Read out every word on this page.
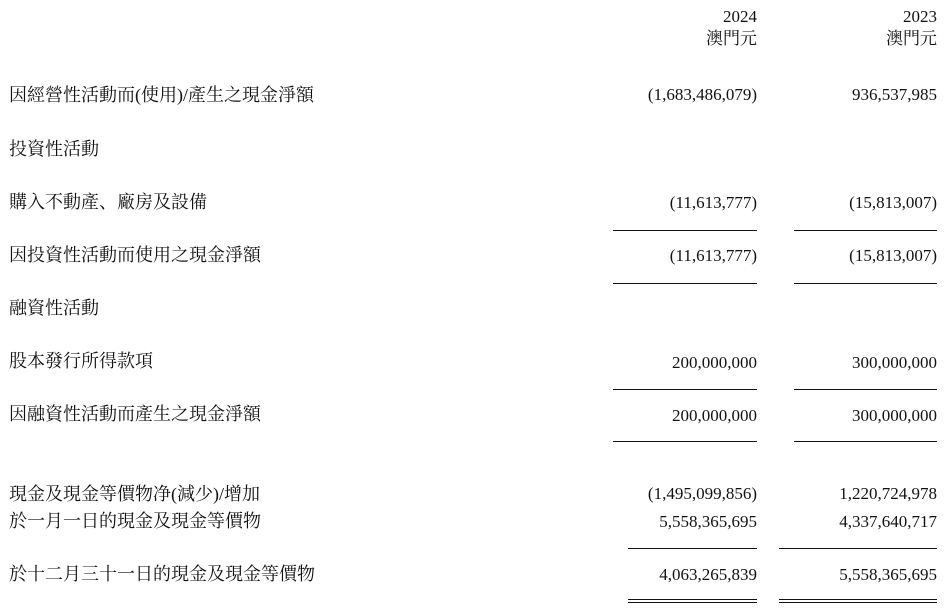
2024
澳門元
2023
澳門元
因經營性活動而(使用)/產生之現金淨額	(1,683,486,079)	936,537,985
投資性活動
購入不動產、廠房及設備	(11,613,777)	(15,813,007)
因投資性活動而使用之現金淨額	(11,613,777)	(15,813,007)
融資性活動
股本發行所得款項	200,000,000	300,000,000
因融資性活動而產生之現金淨額	200,000,000	300,000,000
現金及現金等價物净(減少)/增加	(1,495,099,856)	1,220,724,978
於一月一日的現金及現金等價物	5,558,365,695	4,337,640,717
於十二月三十一日的現金及現金等價物	4,063,265,839	5,558,365,695
